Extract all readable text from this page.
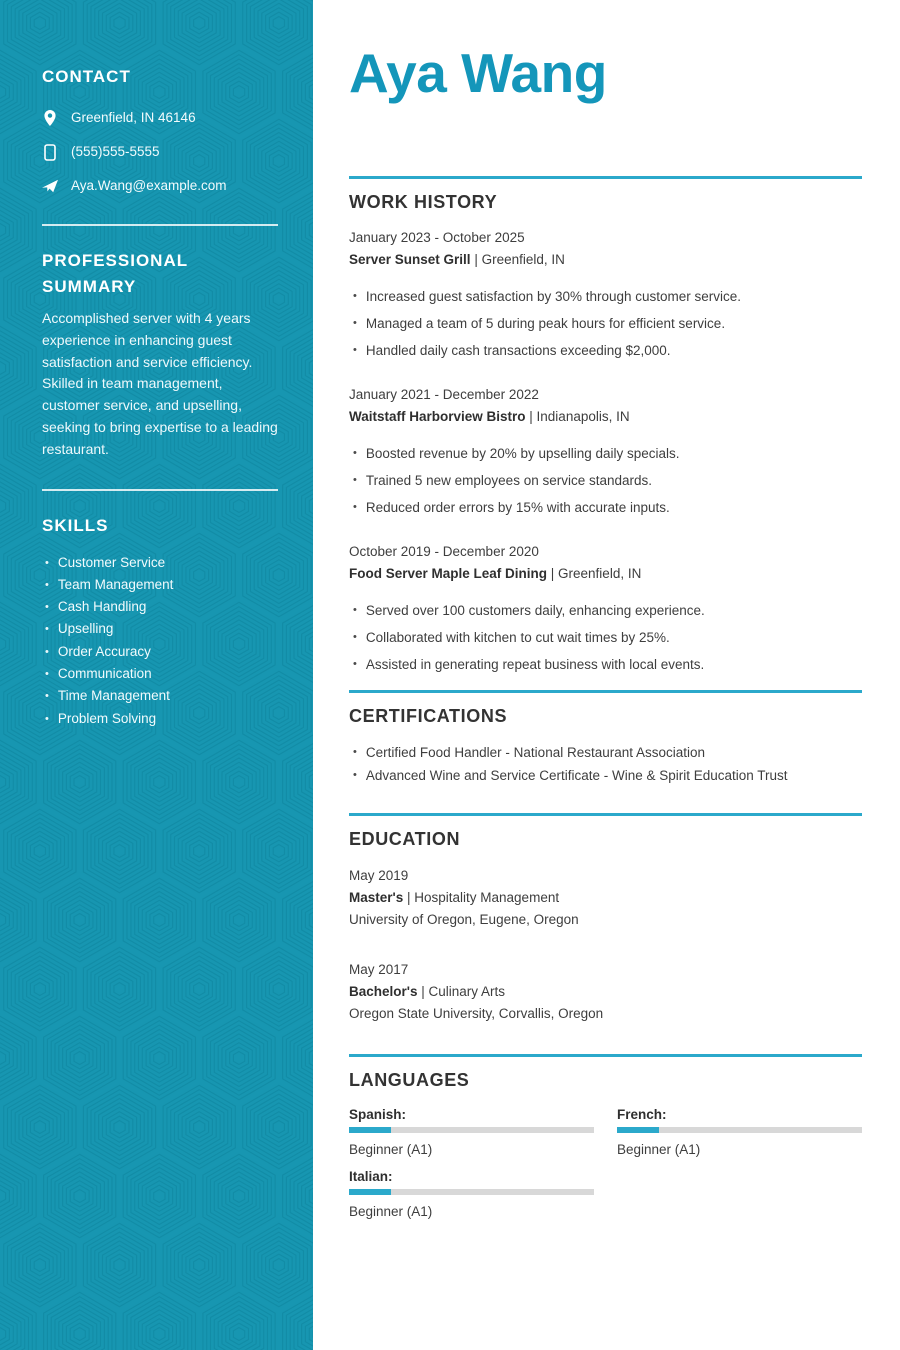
CONTACT
Greenfield, IN 46146
(555)555-5555
Aya.Wang@example.com
PROFESSIONAL SUMMARY

Accomplished server with 4 years experience in enhancing guest satisfaction and service efficiency. Skilled in team management, customer service, and upselling, seeking to bring expertise to a leading restaurant.

SKILLS
• Customer Service
• Team Management
• Cash Handling
• Upselling
• Order Accuracy
• Communication
• Time Management
• Problem Solving
Aya Wang
WORK HISTORY
January 2023 - October 2025
Server Sunset Grill | Greenfield, IN
• Increased guest satisfaction by 30% through customer service.
• Managed a team of 5 during peak hours for efficient service.
• Handled daily cash transactions exceeding $2,000.
January 2021 - December 2022
Waitstaff Harborview Bistro | Indianapolis, IN
• Boosted revenue by 20% by upselling daily specials.
• Trained 5 new employees on service standards.
• Reduced order errors by 15% with accurate inputs.
October 2019 - December 2020
Food Server Maple Leaf Dining | Greenfield, IN
• Served over 100 customers daily, enhancing experience.
• Collaborated with kitchen to cut wait times by 25%.
• Assisted in generating repeat business with local events.
CERTIFICATIONS
• Certified Food Handler - National Restaurant Association
• Advanced Wine and Service Certificate - Wine & Spirit Education Trust
EDUCATION
May 2019
Master's | Hospitality Management
University of Oregon, Eugene, Oregon
May 2017
Bachelor's | Culinary Arts
Oregon State University, Corvallis, Oregon
LANGUAGES
Spanish:
Beginner (A1)
French:
Beginner (A1)
Italian:
Beginner (A1)
